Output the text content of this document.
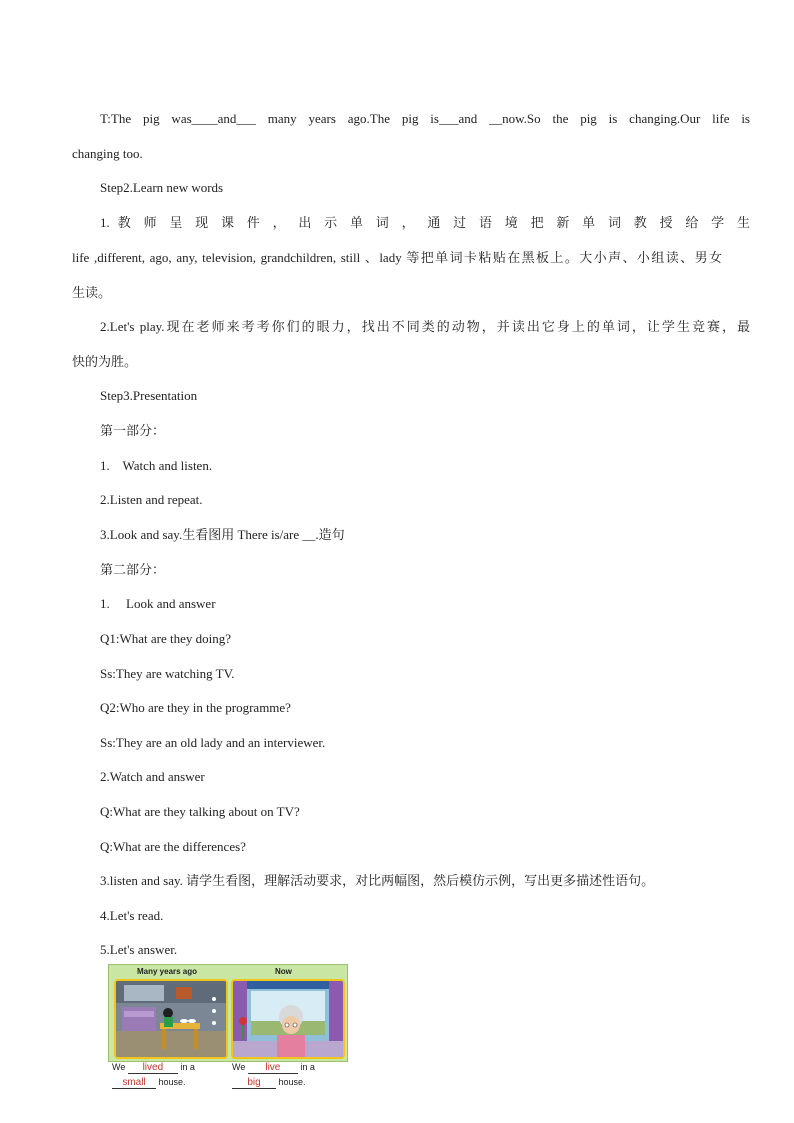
T:The pig was____and___ many years ago.The pig is___and __now.So the pig is changing.Our life is
changing too.
Step2.Learn new words
1. 教 师 呈 现 课 件 ， 出 示 单 词 ， 通 过 语 境 把 新 单 词 教 授 给 学 生
life ,different, ago, any, television, grandchildren, still 、lady 等把单词卡粘贴在黑板上。大小声、小组读、男女
生读。
2.Let's play.现在老师来考考你们的眼力，找出不同类的动物，并读出它身上的单词，让学生竞赛，最
快的为胜。
Step3.Presentation
第一部分：
1.    Watch and listen.
2.Listen and repeat.
3.Look and say.生看图用 There is/are __.造句
第二部分：
1.     Look and answer
Q1:What are they doing?
Ss:They are watching TV.
Q2:Who are they in the programme?
Ss:They are an old lady and an interviewer.
2.Watch and answer
Q:What are they talking about on TV?
Q:What are the differences?
3.listen and say. 请学生看图，理解活动要求，对比两幅图，然后模仿示例，写出更多描述性语句。
4.Let's read.
5.Let's answer.
Many years ago	Now
We lived in a
small house.
We live in a
big house.
